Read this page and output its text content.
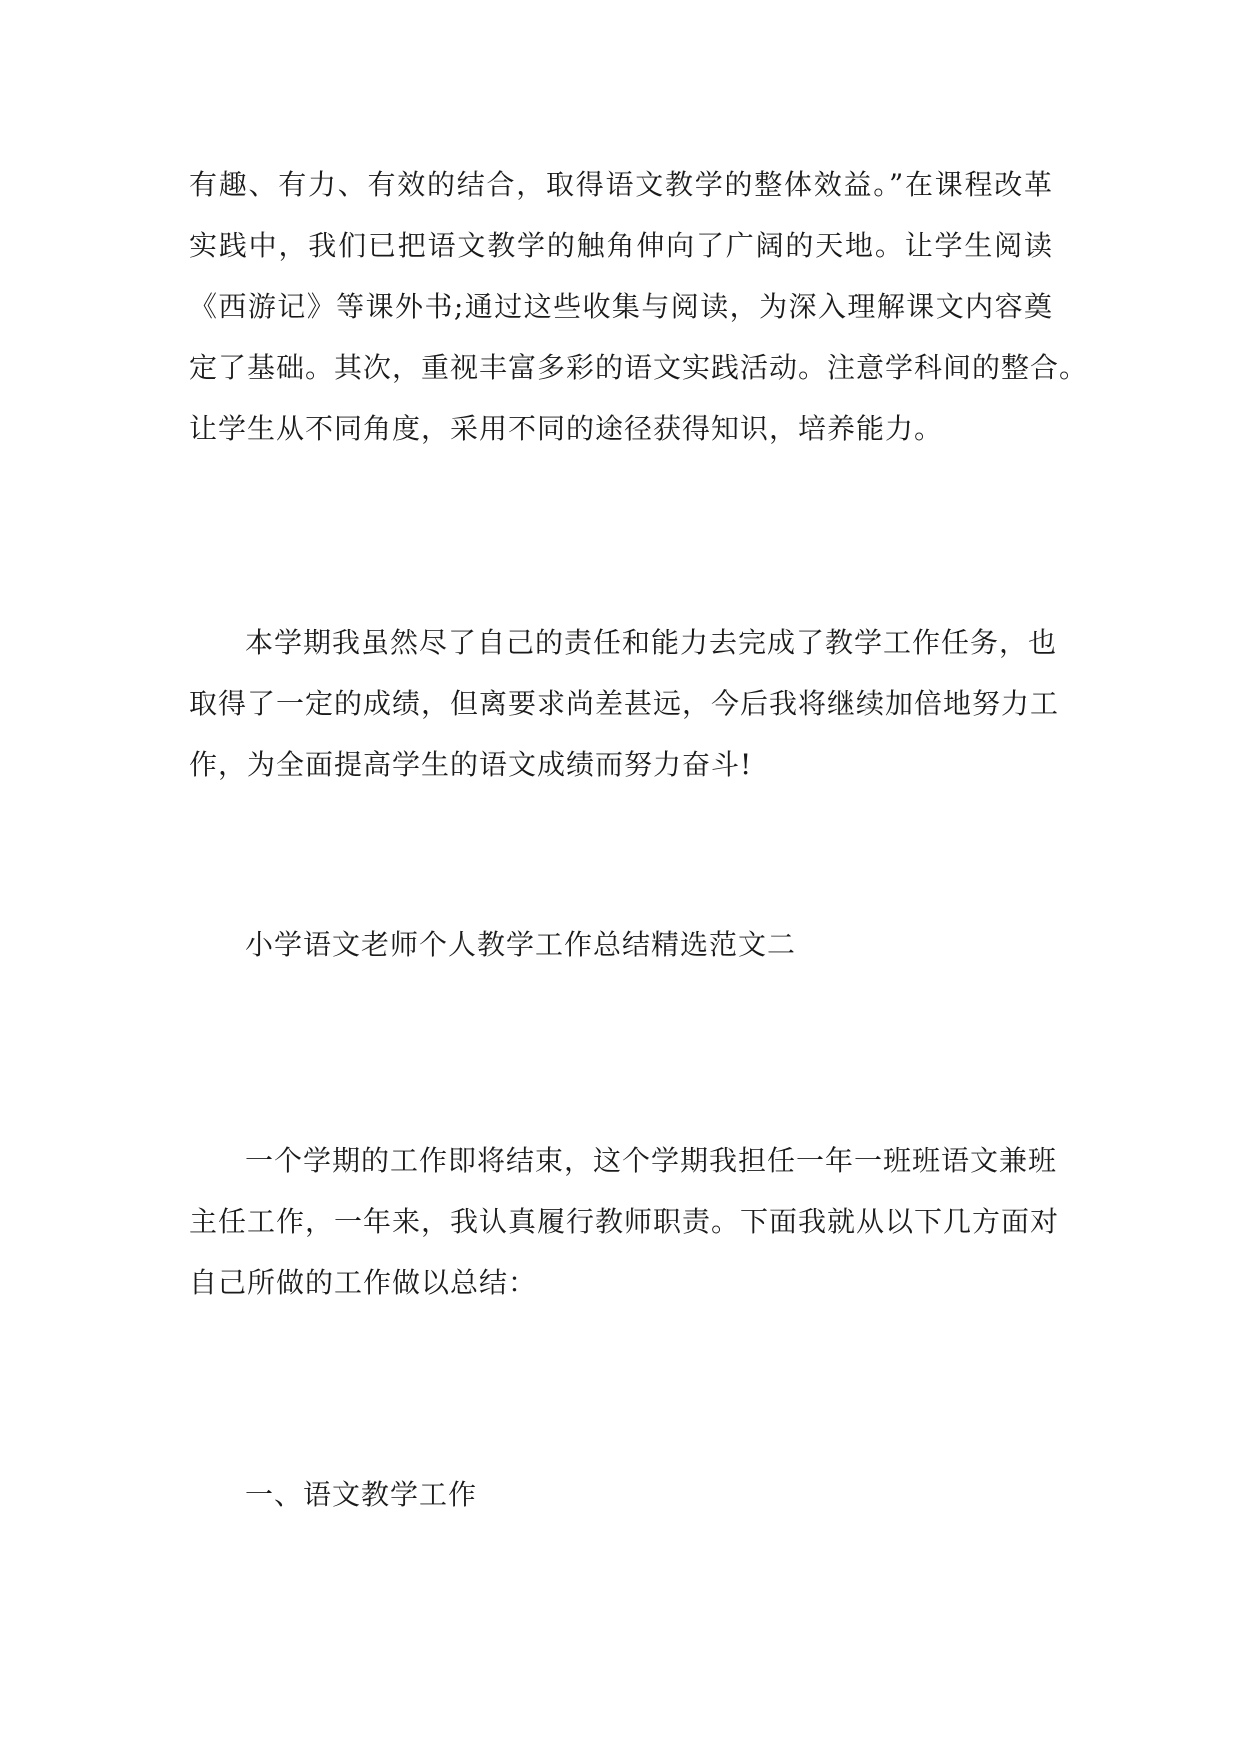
有趣、有力、有效的结合，取得语文教学的整体效益。”在课程改革
实践中，我们已把语文教学的触角伸向了广阔的天地。让学生阅读
《西游记》等课外书;通过这些收集与阅读，为深入理解课文内容奠
定了基础。其次，重视丰富多彩的语文实践活动。注意学科间的整合。
让学生从不同角度，采用不同的途径获得知识，培养能力。
本学期我虽然尽了自己的责任和能力去完成了教学工作任务，也
取得了一定的成绩，但离要求尚差甚远，今后我将继续加倍地努力工
作，为全面提高学生的语文成绩而努力奋斗!
小学语文老师个人教学工作总结精选范文二
一个学期的工作即将结束，这个学期我担任一年一班班语文兼班
主任工作，一年来，我认真履行教师职责。下面我就从以下几方面对
自己所做的工作做以总结：
一、语文教学工作
